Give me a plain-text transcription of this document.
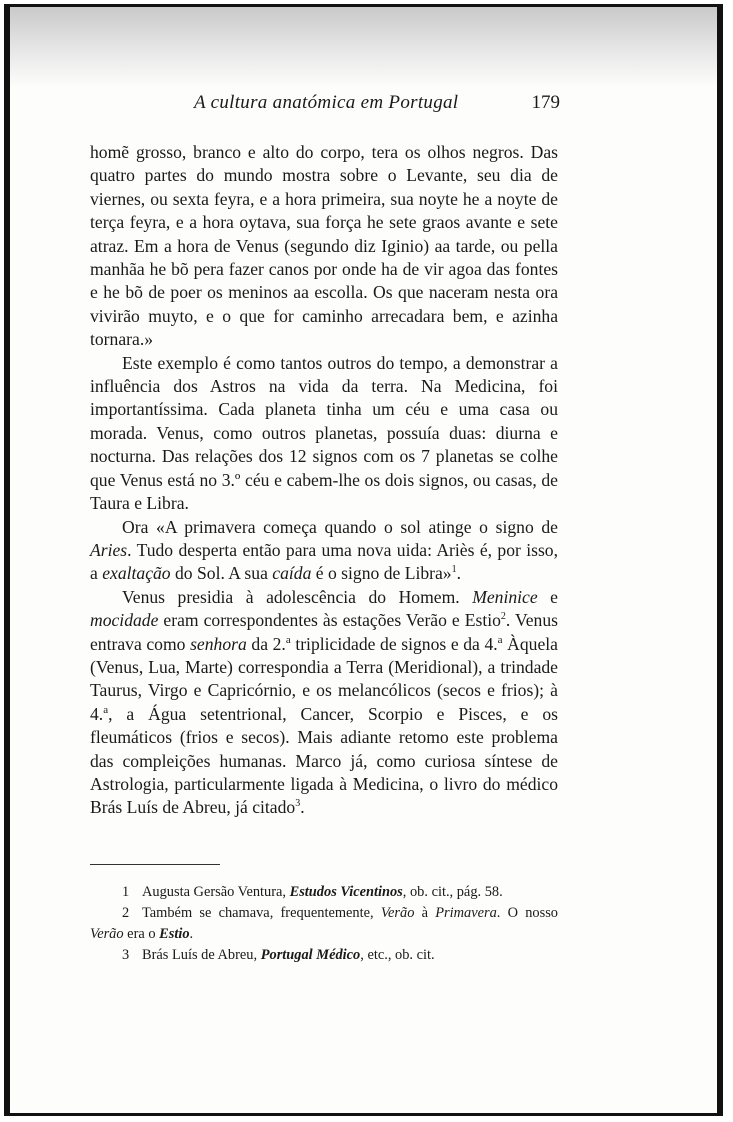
A cultura anatómica em Portugal	179

homẽ grosso, branco e alto do corpo, tera os olhos negros. Das quatro partes do mundo mostra sobre o Levante, seu dia de viernes, ou sexta feyra, e a hora primeira, sua noyte he a noyte de terça feyra, e a hora oytava, sua força he sete graos avante e sete atraz. Em a hora de Venus (segundo diz Iginio) aa tarde, ou pella manhãa he bõ pera fazer canos por onde ha de vir agoa das fontes e he bõ de poer os meninos aa escolla. Os que naceram nesta ora vivirão muyto, e o que for caminho arrecadara bem, e azinha tornara.»

Este exemplo é como tantos outros do tempo, a demonstrar a influência dos Astros na vida da terra. Na Medicina, foi importantíssima. Cada planeta tinha um céu e uma casa ou morada. Venus, como outros planetas, possuía duas: diurna e nocturna. Das relações dos 12 signos com os 7 planetas se colhe que Venus está no 3.º céu e cabem-lhe os dois signos, ou casas, de Taura e Libra.

Ora «A primavera começa quando o sol atinge o signo de Aries. Tudo desperta então para uma nova uida: Ariès é, por isso, a exaltação do Sol. A sua caída é o signo de Libra»$^1$.

Venus presidia à adolescência do Homem. Meninice e mocidade eram correspondentes às estações Verão e Estio$^2$. Venus entrava como senhora da 2.$^a$ triplicidade de signos e da 4.$^a$ Àquela (Venus, Lua, Marte) correspondia a Terra (Meridional), a trindade Taurus, Virgo e Capricórnio, e os melancólicos (secos e frios); à 4.$^a$, a Água setentrional, Cancer, Scorpio e Pisces, e os fleumáticos (frios e secos). Mais adiante retomo este problema das compleições humanas. Marco já, como curiosa síntese de Astrologia, particularmente ligada à Medicina, o livro do médico Brás Luís de Abreu, já citado$^3$.

1 Augusta Gersão Ventura, Estudos Vicentinos, ob. cit., pág. 58.

2 Também se chamava, frequentemente, Verão à Primavera. O nosso Verão era o Estio.

3 Brás Luís de Abreu, Portugal Médico, etc., ob. cit.
